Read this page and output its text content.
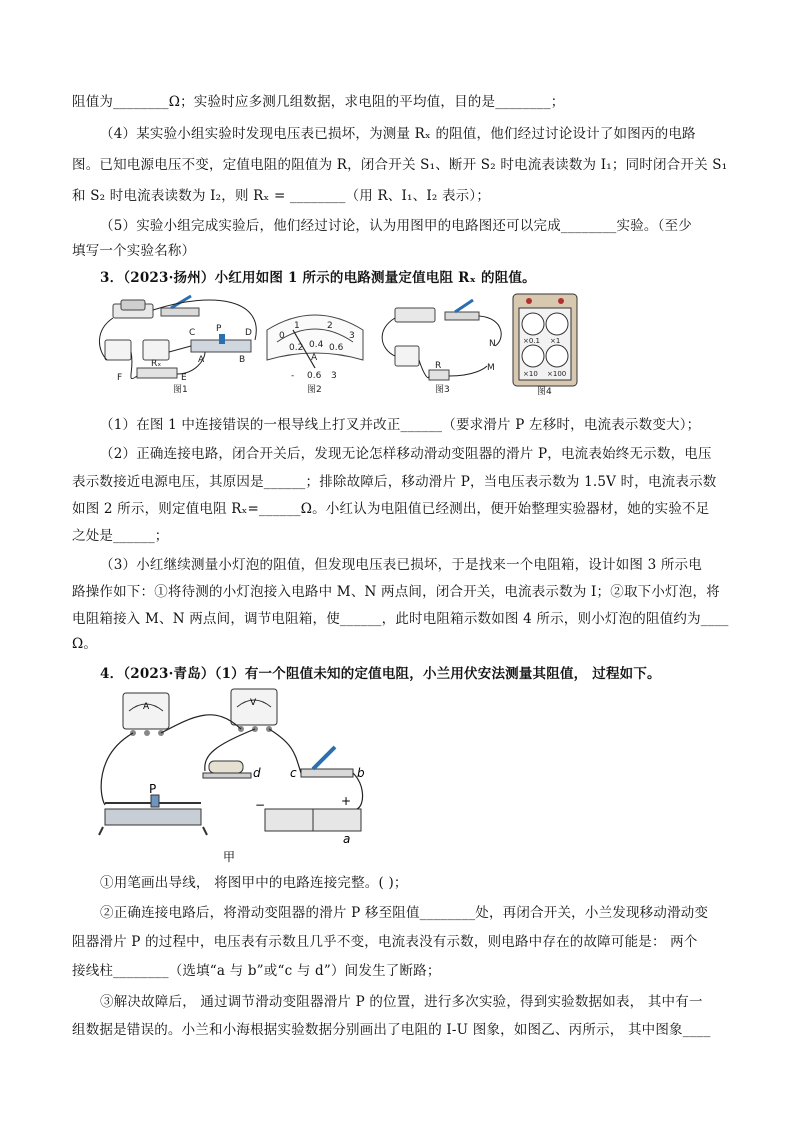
阻值为________Ω；实验时应多测几组数据，求电阻的平均值，目的是________；
（4）某实验小组实验时发现电压表已损坏，为测量 Rₓ 的阻值，他们经过讨论设计了如图丙的电路
图。已知电源电压不变，定值电阻的阻值为 R，闭合开关 S₁、断开 S₂ 时电流表读数为 I₁；同时闭合开关 S₁
和 S₂ 时电流表读数为 I₂，则 Rₓ = ________（用 R、I₁、I₂ 表示）；
（5）实验小组完成实验后，他们经过讨论，认为用图甲的电路图还可以完成________实验。（至少
填写一个实验名称）
3．（2023·扬州）小红用如图 1 所示的电路测量定值电阻 Rₓ 的阻值。
C P	D
A	B
F	E
Rₓ
图1
0
1	2
3
0.2 0.4 0.6
A
- 0.6 3
图2
N
M
R
图3
×0.1 ×1
×10 ×100
图4
（1）在图 1 中连接错误的一根导线上打叉并改正______（要求滑片 P 左移时，电流表示数变大）；
（2）正确连接电路，闭合开关后，发现无论怎样移动滑动变阻器的滑片 P，电流表始终无示数，电压
表示数接近电源电压，其原因是______；排除故障后，移动滑片 P，当电压表示数为 1.5V 时，电流表示数
如图 2 所示，则定值电阻 Rₓ=______Ω。小红认为电阻值已经测出，便开始整理实验器材，她的实验不足
之处是______；
（3）小红继续测量小灯泡的阻值，但发现电压表已损坏，于是找来一个电阻箱，设计如图 3 所示电
路操作如下：①将待测的小灯泡接入电路中 M、N 两点间，闭合开关，电流表示数为 I；②取下小灯泡，将
电阻箱接入 M、N 两点间，调节电阻箱，使______，此时电阻箱示数如图 4 所示，则小灯泡的阻值约为____
Ω。
4．（2023·青岛）（1）有一个阻值未知的定值电阻，小兰用伏安法测量其阻值， 过程如下。
A	V
d c	b
P
−	+
a
甲
①用笔画出导线， 将图甲中的电路连接完整。( )；
②正确连接电路后，将滑动变阻器的滑片 P 移至阻值________处，再闭合开关，小兰发现移动滑动变
阻器滑片 P 的过程中，电压表有示数且几乎不变，电流表没有示数，则电路中存在的故障可能是： 两个
接线柱________（选填“a 与 b”或“c 与 d”）间发生了断路；
③解决故障后， 通过调节滑动变阻器滑片 P 的位置，进行多次实验，得到实验数据如表， 其中有一
组数据是错误的。小兰和小海根据实验数据分别画出了电阻的 I-U 图象，如图乙、丙所示， 其中图象____
